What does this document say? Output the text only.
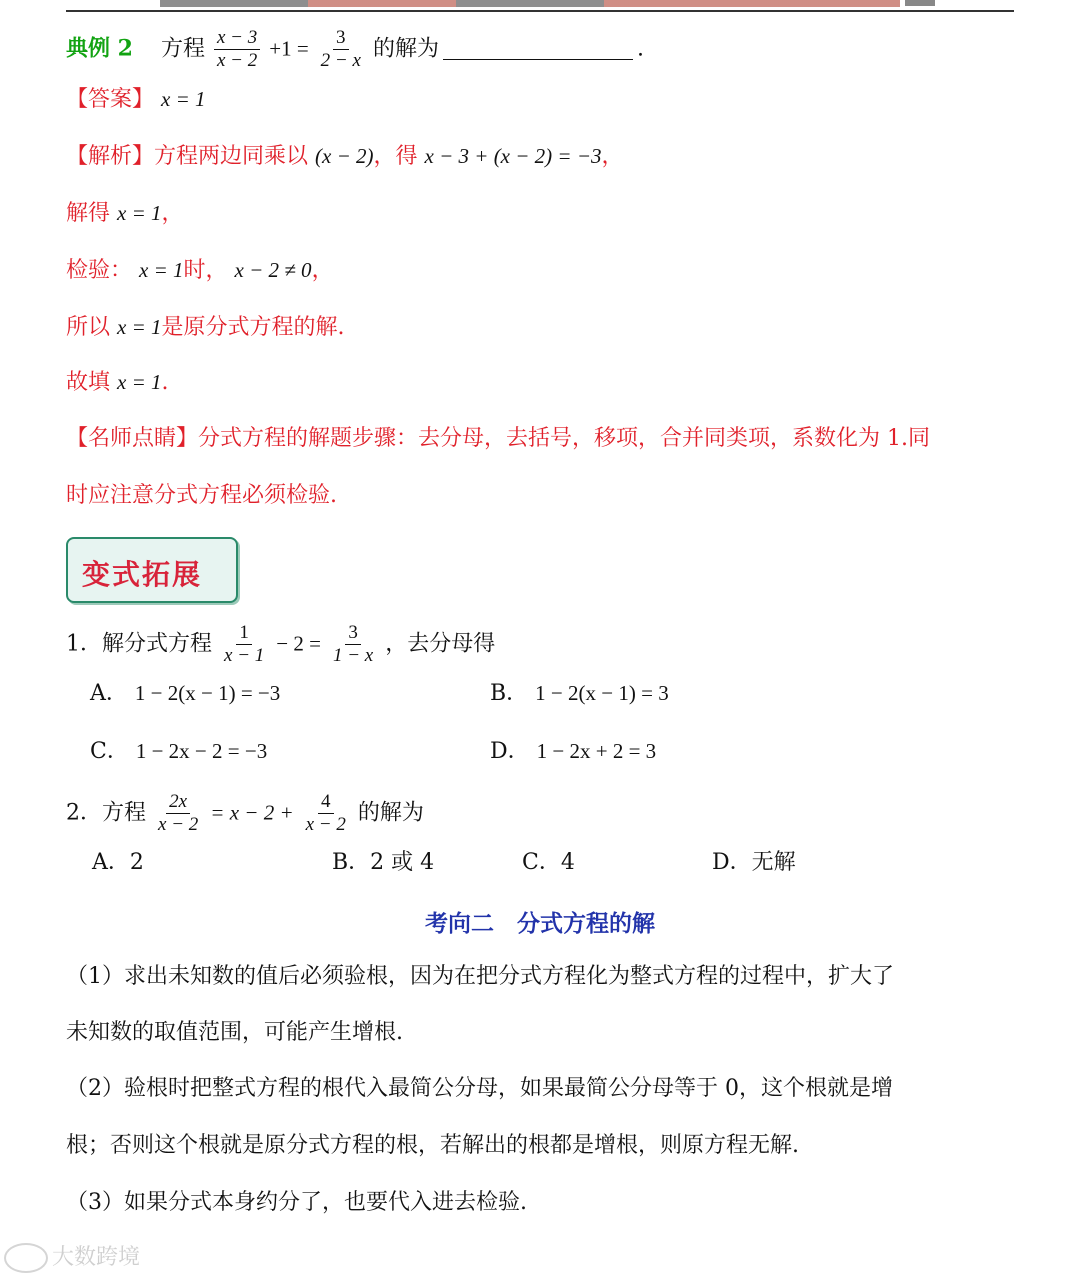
典例 2 方程 $\frac{x - 3}{x - 2} +1 = \frac{3}{2 - x}$ 的解为	.
【答案】 x = 1
【解析】方程两边同乘以 (x − 2)，得 x − 3 + (x − 2) = −3，
解得 x = 1，
检验： x = 1时， x − 2 ≠ 0，
所以 x = 1是原分式方程的解.
故填 x = 1.
【名师点睛】分式方程的解题步骤：去分母，去括号，移项，合并同类项，系数化为 1.同
时应注意分式方程必须检验.
变式拓展
1．解分式方程 $\frac{1}{x - 1} - 2 = \frac{3}{1 - x}$ ，去分母得
A． 1 − 2(x − 1) = −3	B． 1 − 2(x − 1) = 3
C． 1 − 2x − 2 = −3	D． 1 − 2x + 2 = 3
2．方程 $\frac{2x}{x - 2} = x - 2 + \frac{4}{x - 2}$ 的解为
A．2	B．2 或 4	C．4	D．无解
考向二　分式方程的解
（1）求出未知数的值后必须验根，因为在把分式方程化为整式方程的过程中，扩大了
未知数的取值范围，可能产生增根.
（2）验根时把整式方程的根代入最简公分母，如果最简公分母等于 0，这个根就是增
根；否则这个根就是原分式方程的根，若解出的根都是增根，则原方程无解.
（3）如果分式本身约分了，也要代入进去检验.
大数跨境
